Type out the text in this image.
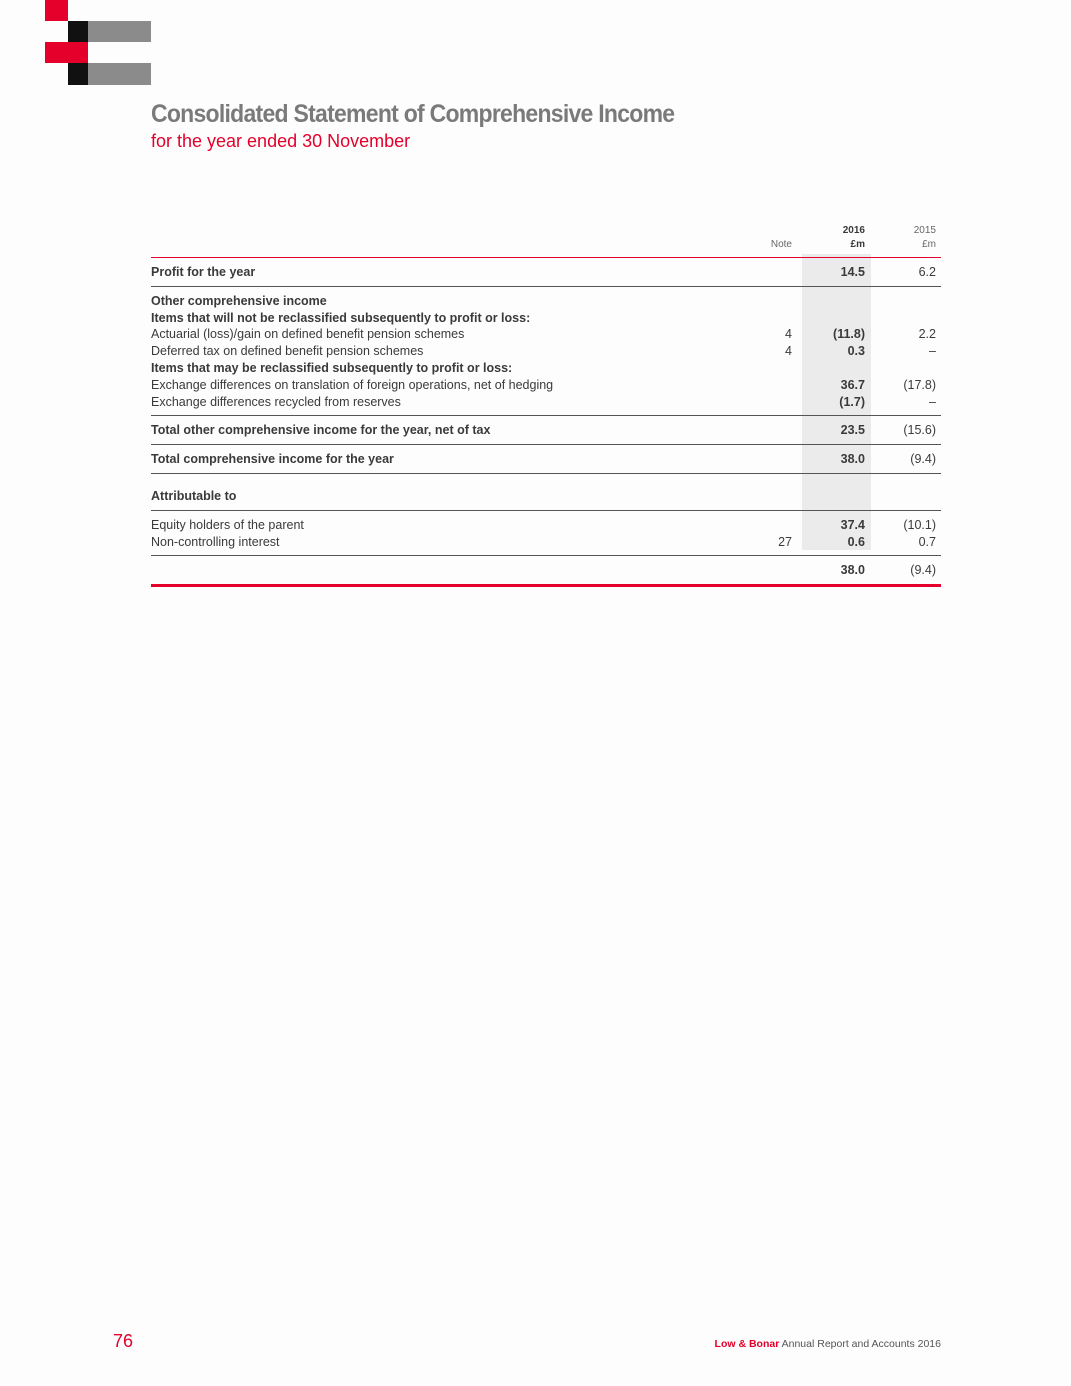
Consolidated Statement of Comprehensive Income
for the year ended 30 November
			2016	2015
	Note		£m	£m
Profit for the year			14.5	6.2
Other comprehensive income				
Items that will not be reclassified subsequently to profit or loss:				
Actuarial (loss)/gain on defined benefit pension schemes	4		(11.8)	2.2
Deferred tax on defined benefit pension schemes	4		0.3	–
Items that may be reclassified subsequently to profit or loss:				
Exchange differences on translation of foreign operations, net of hedging			36.7	(17.8)
Exchange differences recycled from reserves			(1.7)	–
Total other comprehensive income for the year, net of tax			23.5	(15.6)
Total comprehensive income for the year			38.0	(9.4)

Attributable to				
Equity holders of the parent			37.4	(10.1)
Non-controlling interest	27		0.6	0.7
			38.0	(9.4)
76	Low & Bonar Annual Report and Accounts 2016
